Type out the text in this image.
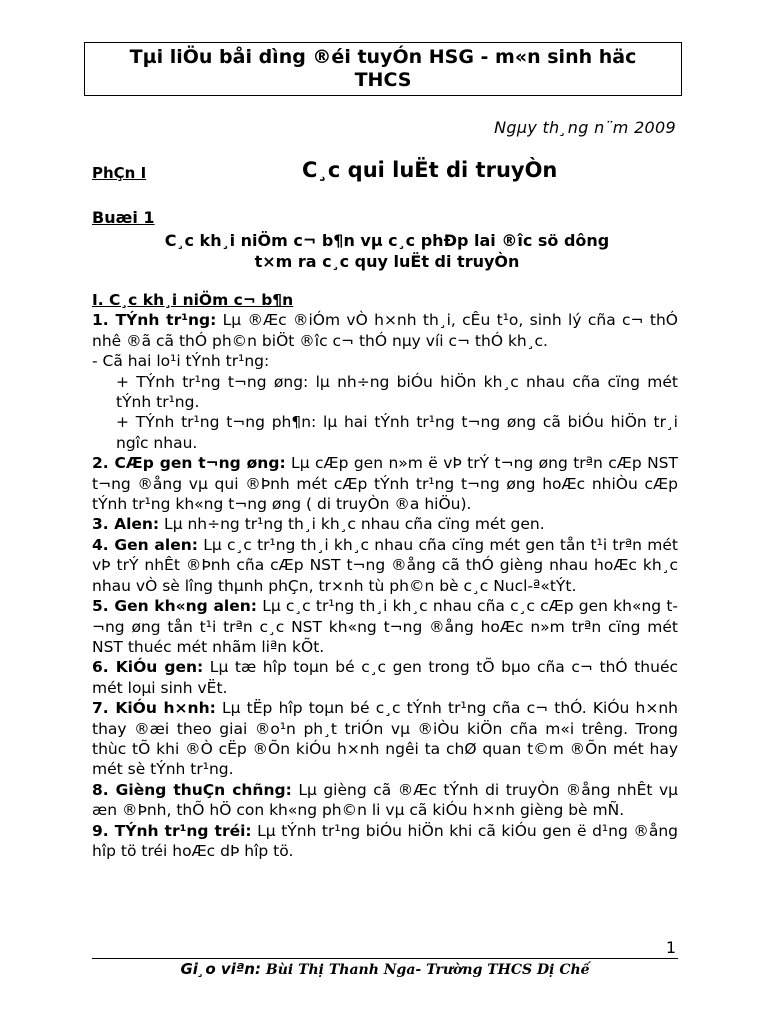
Tµi liÖu båi dìng ®éi tuyÓn HSG - m«n sinh häc
THCS
Ngµy th¸ng n¨m 2009
PhÇn I	C¸c qui luËt di truyÒn
Buæi 1
C¸c kh¸i niÖm c¬ b¶n vµ c¸c phÐp lai ®îc sö dông
t×m ra c¸c quy luËt di truyÒn

I. C¸c kh¸i niÖm c¬ b¶n

1. TÝnh tr¹ng: Lµ ®Æc ®iÓm vÒ h×nh th¸i, cÊu t¹o, sinh lý cña c¬ thÓ nhê ®ã cã thÓ ph©n biÖt ®îc c¬ thÓ nµy víi c¬ thÓ kh¸c.

- Cã hai lo¹i tÝnh tr¹ng:

+ TÝnh tr¹ng t¬ng øng: lµ nh÷ng biÓu hiÖn kh¸c nhau cña cïng mét tÝnh tr¹ng.

+ TÝnh tr¹ng t¬ng ph¶n: lµ hai tÝnh tr¹ng t¬ng øng cã biÓu hiÖn tr¸i ngîc nhau.

2. CÆp gen t¬ng øng: Lµ cÆp gen n»m ë vÞ trÝ t¬ng øng trªn cÆp NST t¬ng ®ång vµ qui ®Þnh mét cÆp tÝnh tr¹ng t¬ng øng hoÆc nhiÒu cÆp tÝnh tr¹ng kh«ng t¬ng øng ( di truyÒn ®a hiÖu).

3. Alen: Lµ nh÷ng tr¹ng th¸i kh¸c nhau cña cïng mét gen.

4. Gen alen: Lµ c¸c tr¹ng th¸i kh¸c nhau cña cïng mét gen tån t¹i trªn mét vÞ trÝ nhÊt ®Þnh cña cÆp NST t¬ng ®ång cã thÓ gièng nhau hoÆc kh¸c nhau vÒ sè lîng thµnh phÇn, tr×nh tù ph©n bè c¸c Nucl-ª«tÝt.

5. Gen kh«ng alen: Lµ c¸c tr¹ng th¸i kh¸c nhau cña c¸c cÆp gen kh«ng t¬ng øng tån t¹i trªn c¸c NST kh«ng t¬ng ®ång hoÆc n»m trªn cïng mét NST thuéc mét nhãm liªn kÕt.

6. KiÓu gen: Lµ tæ hîp toµn bé c¸c gen trong tÕ bµo cña c¬ thÓ thuéc mét loµi sinh vËt.

7. KiÓu h×nh: Lµ tËp hîp toµn bé c¸c tÝnh tr¹ng cña c¬ thÓ. KiÓu h×nh thay ®æi theo giai ®o¹n ph¸t triÓn vµ ®iÒu kiÖn cña m«i trêng. Trong thùc tÕ khi ®Ò cËp ®Õn kiÓu h×nh ngêi ta chØ quan t©m ®Õn mét hay mét sè tÝnh tr¹ng.

8. Gièng thuÇn chñng: Lµ gièng cã ®Æc tÝnh di truyÒn ®ång nhÊt vµ æn ®Þnh, thÕ hÖ con kh«ng ph©n li vµ cã kiÓu h×nh gièng bè mÑ.

9. TÝnh tr¹ng tréi: Lµ tÝnh tr¹ng biÓu hiÖn khi cã kiÓu gen ë d¹ng ®ång hîp tö tréi hoÆc dÞ hîp tö.

1
Gi¸o viªn: Bùi Thị Thanh Nga- Trường THCS Dị Chế
